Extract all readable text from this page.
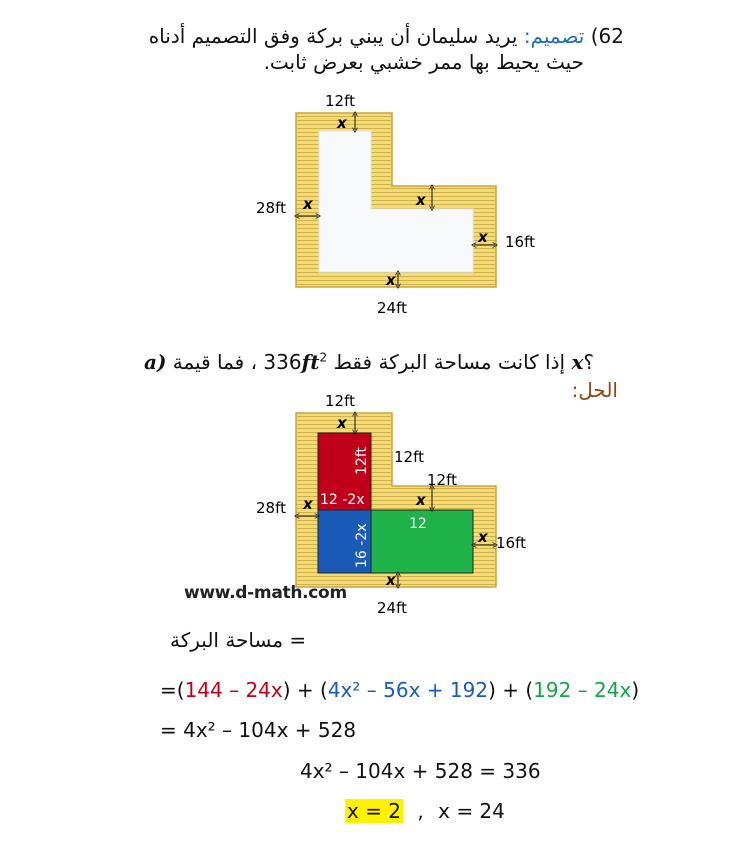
62) تصميم: يريد سليمان أن يبني بركة وفق التصميم أدناه
حيث يحيط بها ممر خشبي بعرض ثابت.
12ft
28ft
16ft
24ft
x
x	x
x
x
a)	إذا كانت مساحة البركة فقط $336ft^2$ ، فما قيمة	x؟
الحل:
12ft
28ft
16ft
24ft
12ft
12ft
12ft
12 -2x
16 -2x	12
x
x	x
x
x
www.d-math.com
= مساحة البركة
=(144 – 24x) + (4x² – 56x + 192) + (192 – 24x)
= 4x² – 104x + 528
4x² – 104x + 528 = 336
x = 2 , x = 24
